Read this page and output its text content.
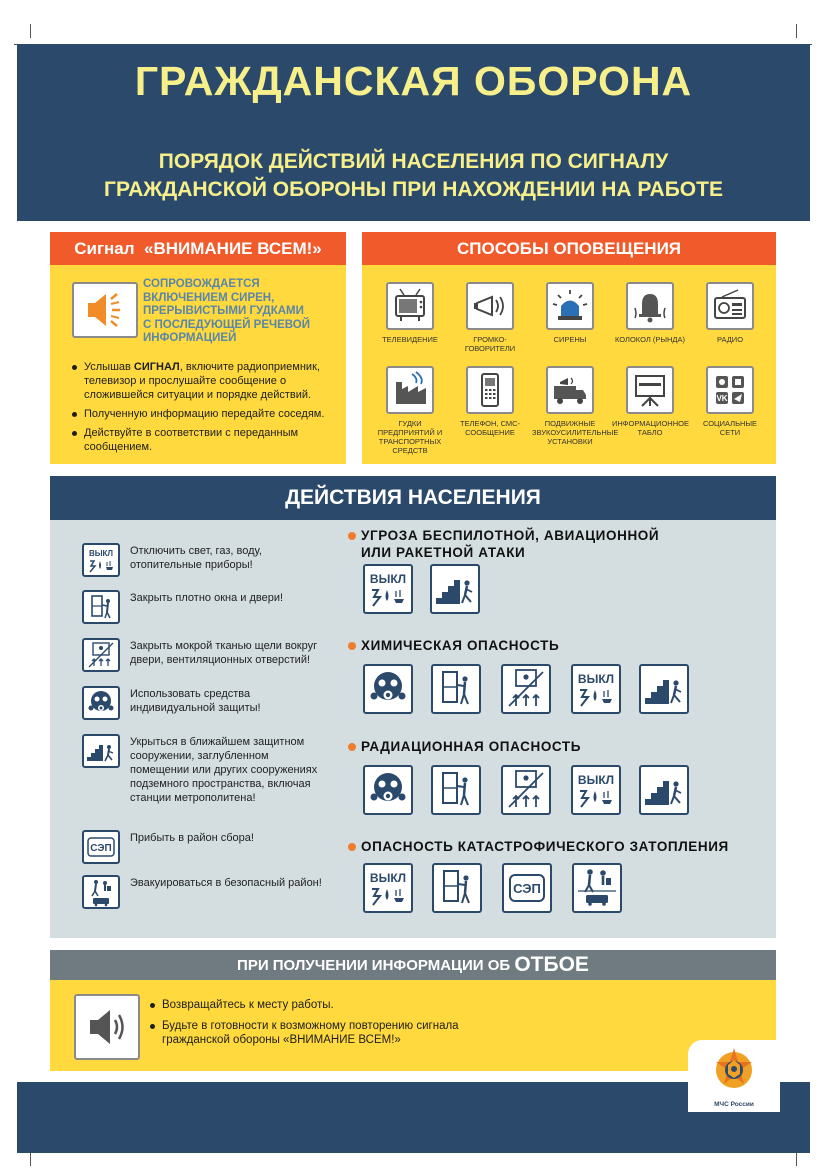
ГРАЖДАНСКАЯ ОБОРОНА
ПОРЯДОК ДЕЙСТВИЙ НАСЕЛЕНИЯ ПО СИГНАЛУ
ГРАЖДАНСКОЙ ОБОРОНЫ ПРИ НАХОЖДЕНИИ НА РАБОТЕ
Сигнал «ВНИМАНИЕ ВСЕМ!»
СОПРОВОЖДАЕТСЯ
ВКЛЮЧЕНИЕМ СИРЕН,
ПРЕРЫВИСТЫМИ ГУДКАМИ
С ПОСЛЕДУЮЩЕЙ РЕЧЕВОЙ
ИНФОРМАЦИЕЙ
Услышав СИГНАЛ, включите радиоприемник, телевизор и прослушайте сообщение о сложившейся ситуации и порядке действий.
Полученную информацию передайте соседям.
Действуйте в соответствии с переданным сообщением.
СПОСОБЫ ОПОВЕЩЕНИЯ
ТЕЛЕВИДЕНИЕ	ГРОМКО-ГОВОРИТЕЛИ
СИРЕНЫ	КОЛОКОЛ (РЫНДА)	РАДИО
ГУДКИ ПРЕДПРИЯТИЙ И ТРАНСПОРТНЫХ СРЕДСТВ
ТЕЛЕФОН, СМС-СООБЩЕНИЕ
ПОДВИЖНЫЕ ЗВУКОУСИЛИТЕЛЬНЫЕ УСТАНОВКИ
ИНФОРМАЦИОННОЕ ТАБЛО
VK
СОЦИАЛЬНЫЕ СЕТИ
ДЕЙСТВИЯ НАСЕЛЕНИЯ
ВЫКЛ Отключить свет, газ, воду, отопительные приборы!
Закрыть плотно окна и двери!
Закрыть мокрой тканью щели вокруг двери, вентиляционных отверстий!
Использовать средства индивидуальной защиты!
Укрыться в ближайшем защитном сооружении, заглубленном помещении или других сооружениях подземного пространства, включая станции метрополитена!
СЭП
Прибыть в район сбора!
Эвакуироваться в безопасный район!
УГРОЗА БЕСПИЛОТНОЙ, АВИАЦИОННОЙ
ИЛИ РАКЕТНОЙ АТАКИ
ХИМИЧЕСКАЯ ОПАСНОСТЬ
РАДИАЦИОННАЯ ОПАСНОСТЬ
ОПАСНОСТЬ КАТАСТРОФИЧЕСКОГО ЗАТОПЛЕНИЯ
ВЫКЛ
ВЫКЛ
ВЫКЛ
ВЫКЛ
СЭП
ПРИ ПОЛУЧЕНИИ ИНФОРМАЦИИ ОБ ОТБОЕ
Возвращайтесь к месту работы.
Будьте в готовности к возможному повторению сигнала
гражданской обороны «ВНИМАНИЕ ВСЕМ!»
МЧС России
